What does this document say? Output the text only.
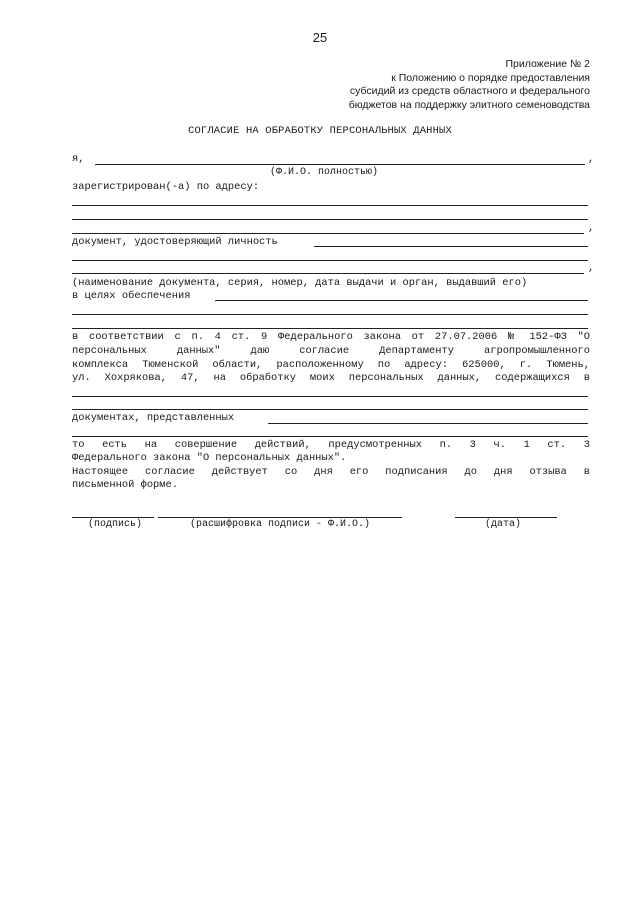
25
Приложение № 2
к Положению о порядке предоставления
субсидий из средств областного и федерального
бюджетов на поддержку элитного семеноводства
СОГЛАСИЕ НА ОБРАБОТКУ ПЕРСОНАЛЬНЫХ ДАННЫХ
я,	,
(Ф.И.О. полностью)
зарегистрирован(-а) по адресу:
,
документ, удостоверяющий личность
,
(наименование документа, серия, номер, дата выдачи и орган, выдавший его)
в целях обеспечения
в соответствии с п. 4 ст. 9 Федерального закона от 27.07.2006 № 152-ФЗ "О
персональных данных" даю согласие Департаменту агропромышленного
комплекса Тюменской области, расположенному по адресу: 625000, г. Тюмень,
ул. Хохрякова, 47, на обработку моих персональных данных, содержащихся в
документах, представленных
то есть на совершение действий, предусмотренных п. 3 ч. 1 ст. 3
Федерального закона "О персональных данных".
Настоящее согласие действует со дня его подписания до дня отзыва в
письменной форме.
(подпись)	(расшифровка подписи - Ф.И.О.)	(дата)
